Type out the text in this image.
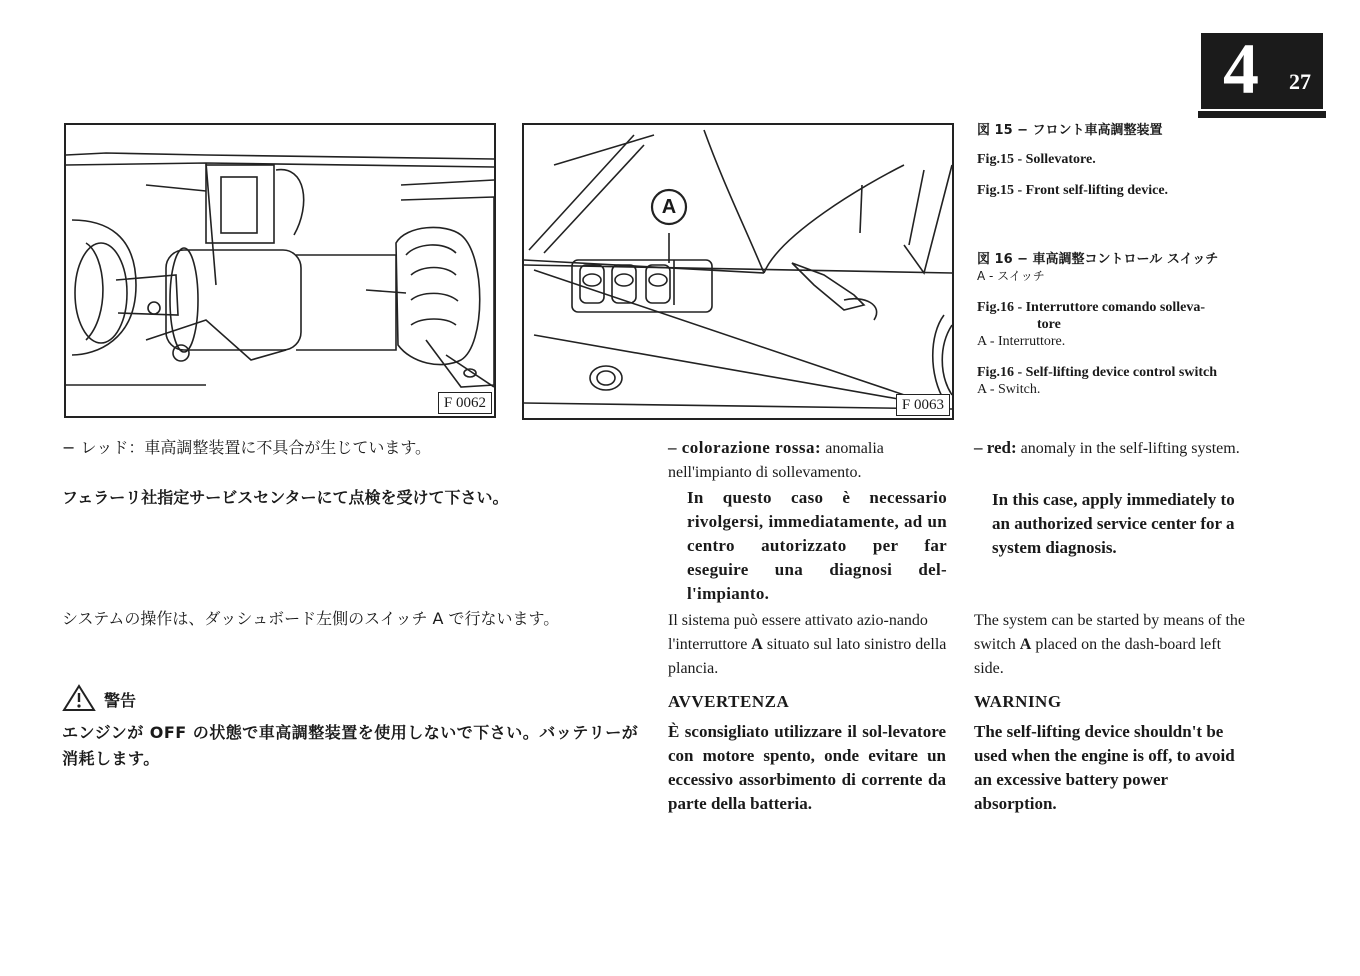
4 27
F 0062
A
F 0063
図 15 − フロント車高調整装置
Fig.15 - Sollevatore.
Fig.15 - Front self-lifting device.
図 16 − 車高調整コントロール スイッチ
A - スイッチ
Fig.16 - Interruttore comando solleva-
tore
A - Interruttore.
Fig.16 - Self-lifting device control switch
A - Switch.
− レッド：車高調整装置に不具合が生じています。
フェラーリ社指定サービスセンターにて点検を受けて下さい。
システムの操作は、ダッシュボード左側のスイッチ A で行ないます。
警告
エンジンが OFF の状態で車高調整装置を使用しないで下さい。バッテリーが消耗します。
– colorazione rossa: anomalia nell'impianto di sollevamento.
In questo caso è necessario rivolgersi, immediatamente, ad un centro autorizzato per far eseguire una diagnosi del-l'impianto.
Il sistema può essere attivato azio-nando l'interruttore A situato sul lato sinistro della plancia.
AVVERTENZA
È sconsigliato utilizzare il sol-levatore con motore spento, onde evitare un eccessivo assorbimento di corrente da parte della batteria.
– red: anomaly in the self-lifting system.
In this case, apply immediately to an authorized service center for a system diagnosis.
The system can be started by means of the switch A placed on the dash-board left side.
WARNING
The self-lifting device shouldn't be used when the engine is off, to avoid an excessive battery power absorption.
